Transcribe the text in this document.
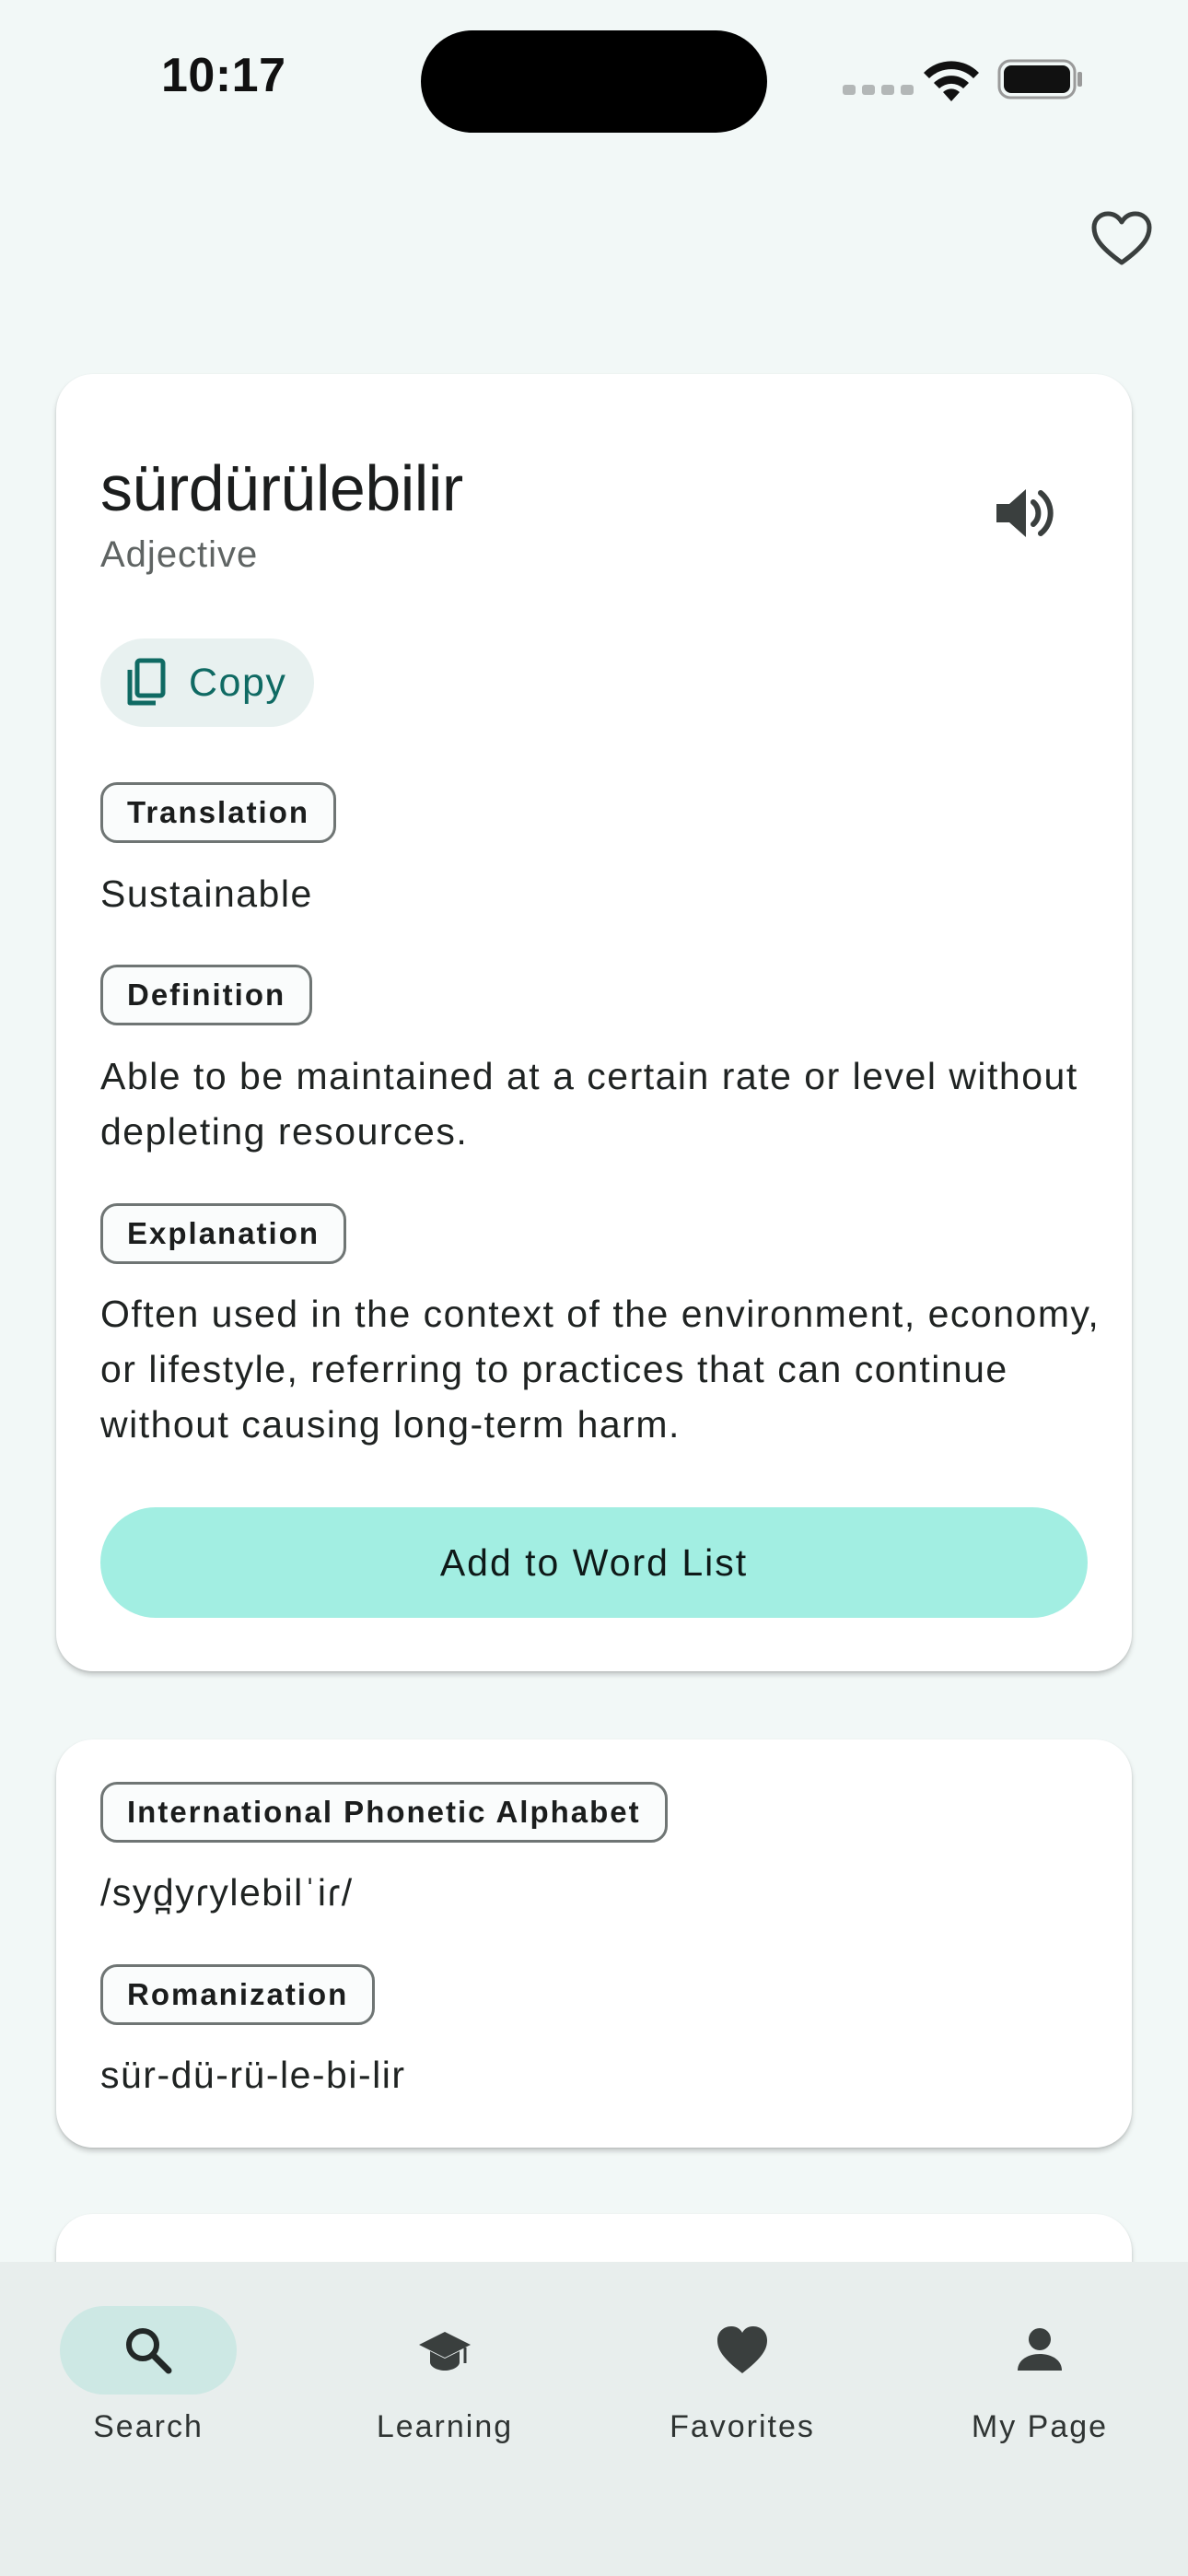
10:17
sürdürülebilir
Adjective
Copy
Translation
Sustainable
Definition
Able to be maintained at a certain rate or level without depleting resources.
Explanation
Often used in the context of the environment, economy, or lifestyle, referring to practices that can continue without causing long-term harm.
Add to Word List
International Phonetic Alphabet
/syd̪yɾylebilˈiɾ/
Romanization
sür-dü-rü-le-bi-lir
Search	Learning	Favorites	My Page
